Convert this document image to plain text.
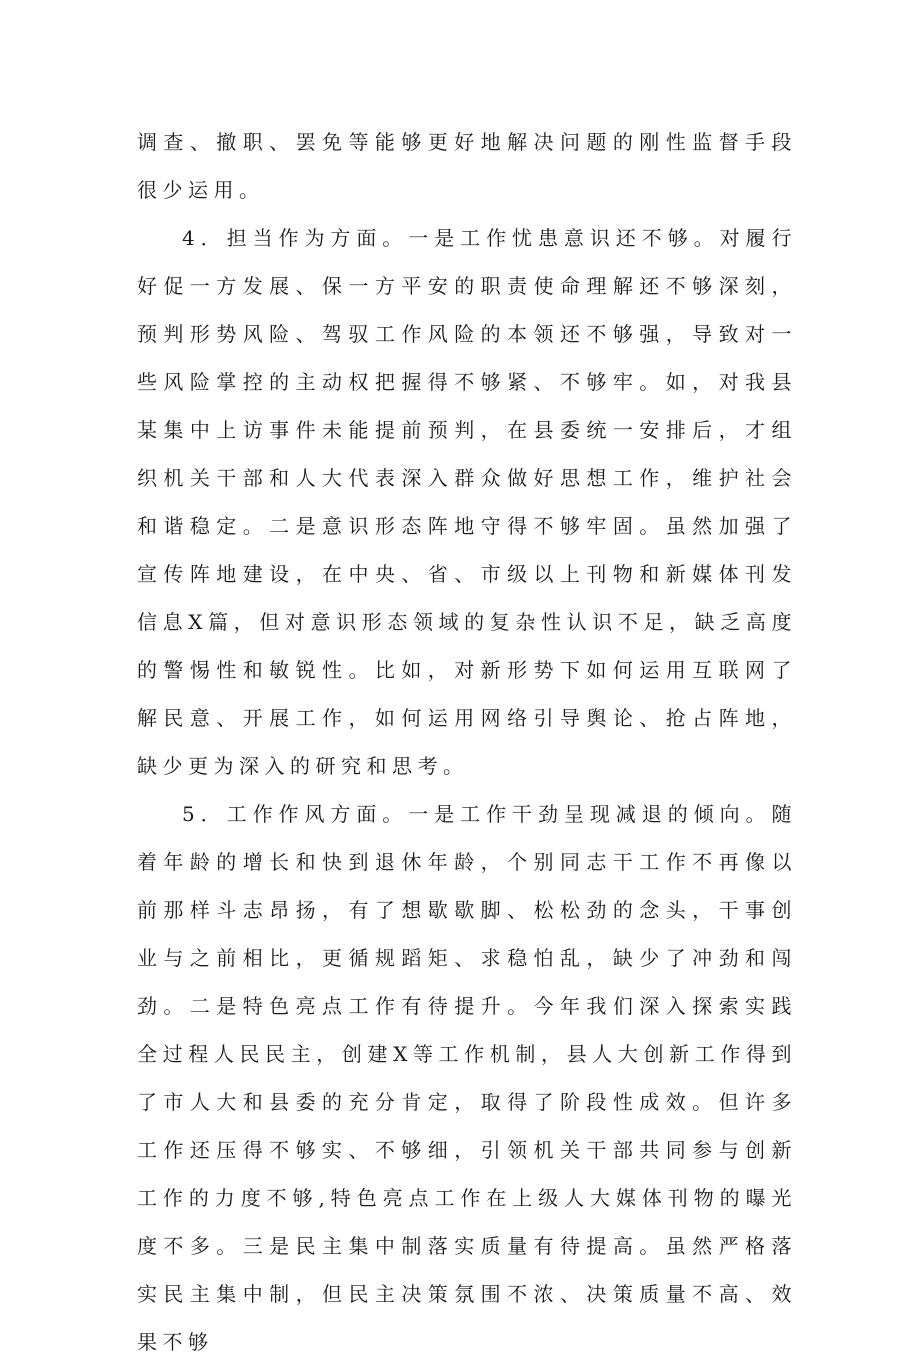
调查、撤职、罢免等能够更好地解决问题的刚性监督手段很少运用。

4．担当作为方面。一是工作忧患意识还不够。对履行好促一方发展、保一方平安的职责使命理解还不够深刻，预判形势风险、驾驭工作风险的本领还不够强，导致对一些风险掌控的主动权把握得不够紧、不够牢。如，对我县某集中上访事件未能提前预判，在县委统一安排后，才组织机关干部和人大代表深入群众做好思想工作，维护社会和谐稳定。二是意识形态阵地守得不够牢固。虽然加强了宣传阵地建设，在中央、省、市级以上刊物和新媒体刊发信息X篇，但对意识形态领域的复杂性认识不足，缺乏高度的警惕性和敏锐性。比如，对新形势下如何运用互联网了解民意、开展工作，如何运用网络引导舆论、抢占阵地，缺少更为深入的研究和思考。

5．工作作风方面。一是工作干劲呈现减退的倾向。随着年龄的增长和快到退休年龄，个别同志干工作不再像以前那样斗志昂扬，有了想歇歇脚、松松劲的念头，干事创业与之前相比，更循规蹈矩、求稳怕乱，缺少了冲劲和闯劲。二是特色亮点工作有待提升。今年我们深入探索实践全过程人民民主，创建X等工作机制，县人大创新工作得到了市人大和县委的充分肯定，取得了阶段性成效。但许多工作还压得不够实、不够细，引领机关干部共同参与创新工作的力度不够,特色亮点工作在上级人大媒体刊物的曝光度不多。三是民主集中制落实质量有待提高。虽然严格落实民主集中制，但民主决策氛围不浓、决策质量不高、效果不够
